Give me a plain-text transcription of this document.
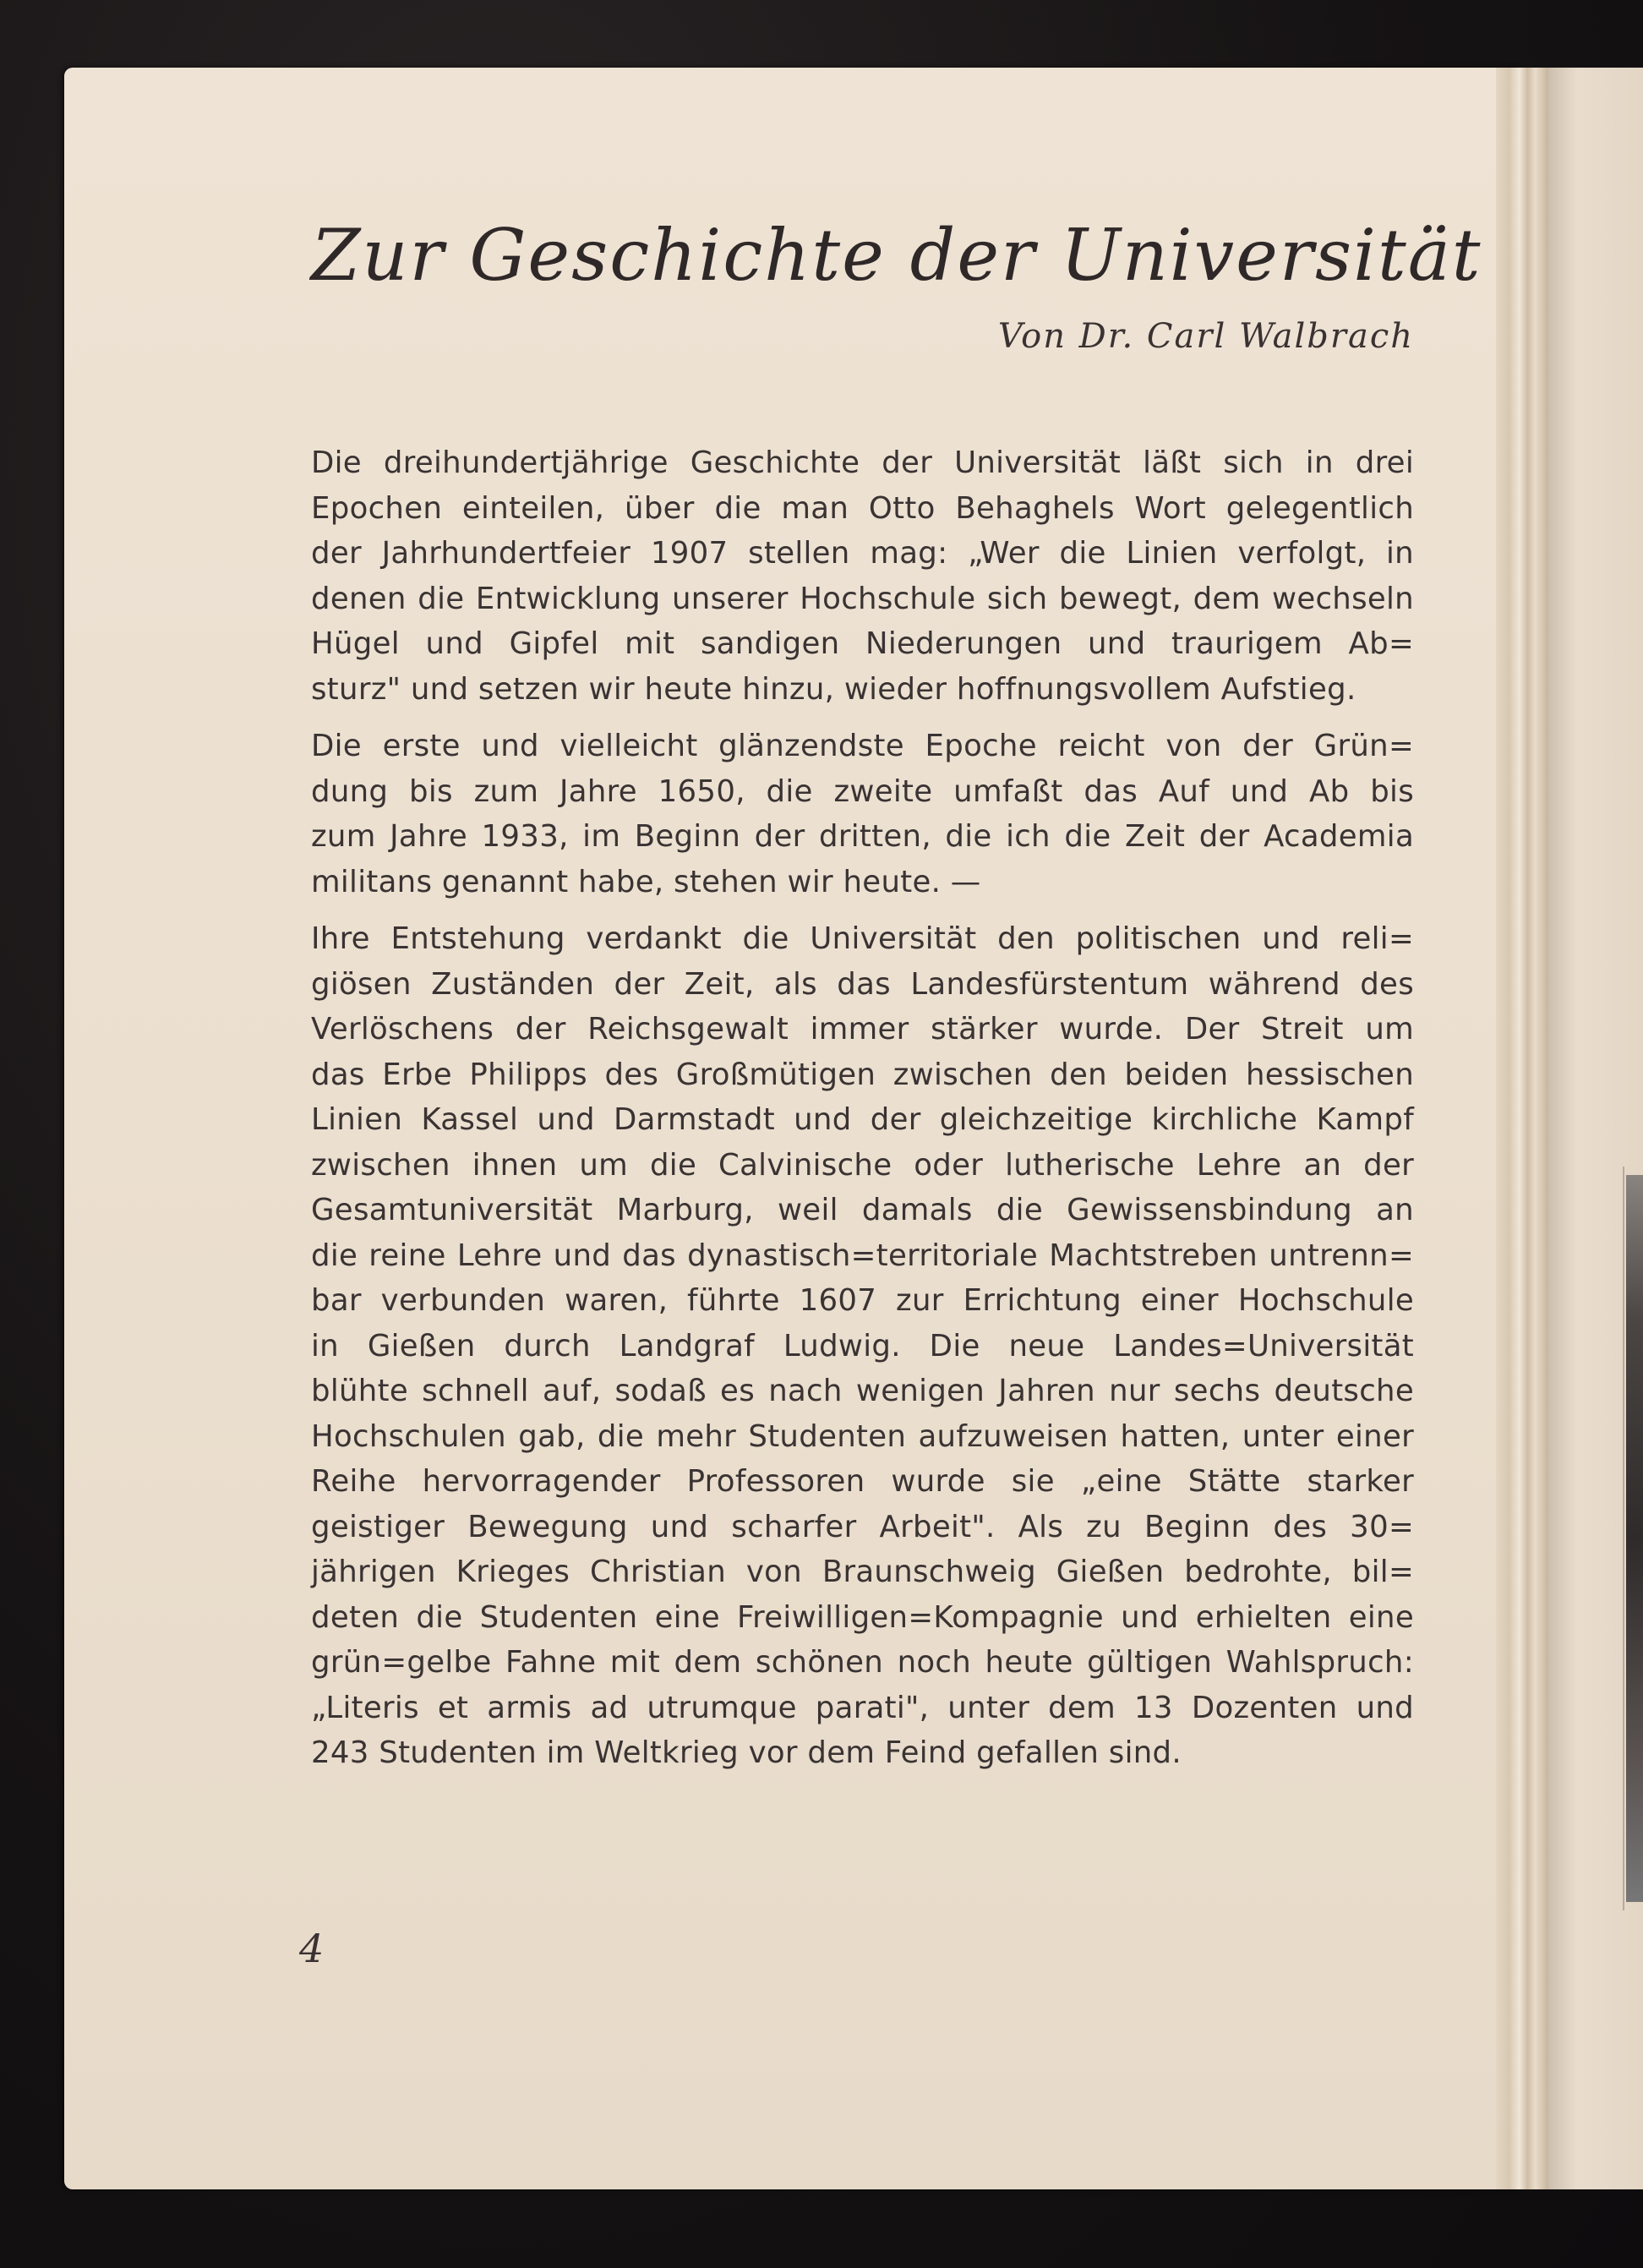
Zur Geschichte der Universität

Von Dr. Carl Walbrach

Die dreihundertjährige Geschichte der Universität läßt sich in drei
Epochen einteilen, über die man Otto Behaghels Wort gelegentlich
der Jahrhundertfeier 1907 stellen mag: „Wer die Linien verfolgt, in
denen die Entwicklung unserer Hochschule sich bewegt, dem wechseln
Hügel und Gipfel mit sandigen Niederungen und traurigem Ab=
sturz" und setzen wir heute hinzu, wieder hoffnungsvollem Aufstieg.

Die erste und vielleicht glänzendste Epoche reicht von der Grün=
dung bis zum Jahre 1650, die zweite umfaßt das Auf und Ab bis
zum Jahre 1933, im Beginn der dritten, die ich die Zeit der Academia
militans genannt habe, stehen wir heute. —

Ihre Entstehung verdankt die Universität den politischen und reli=
giösen Zuständen der Zeit, als das Landesfürstentum während des
Verlöschens der Reichsgewalt immer stärker wurde. Der Streit um
das Erbe Philipps des Großmütigen zwischen den beiden hessischen
Linien Kassel und Darmstadt und der gleichzeitige kirchliche Kampf
zwischen ihnen um die Calvinische oder lutherische Lehre an der
Gesamtuniversität Marburg, weil damals die Gewissensbindung an
die reine Lehre und das dynastisch=territoriale Machtstreben untrenn=
bar verbunden waren, führte 1607 zur Errichtung einer Hochschule
in Gießen durch Landgraf Ludwig. Die neue Landes=Universität
blühte schnell auf, sodaß es nach wenigen Jahren nur sechs deutsche
Hochschulen gab, die mehr Studenten aufzuweisen hatten, unter einer
Reihe hervorragender Professoren wurde sie „eine Stätte starker
geistiger Bewegung und scharfer Arbeit". Als zu Beginn des 30=
jährigen Krieges Christian von Braunschweig Gießen bedrohte, bil=
deten die Studenten eine Freiwilligen=Kompagnie und erhielten eine
grün=gelbe Fahne mit dem schönen noch heute gültigen Wahlspruch:
„Literis et armis ad utrumque parati", unter dem 13 Dozenten und
243 Studenten im Weltkrieg vor dem Feind gefallen sind.

4
